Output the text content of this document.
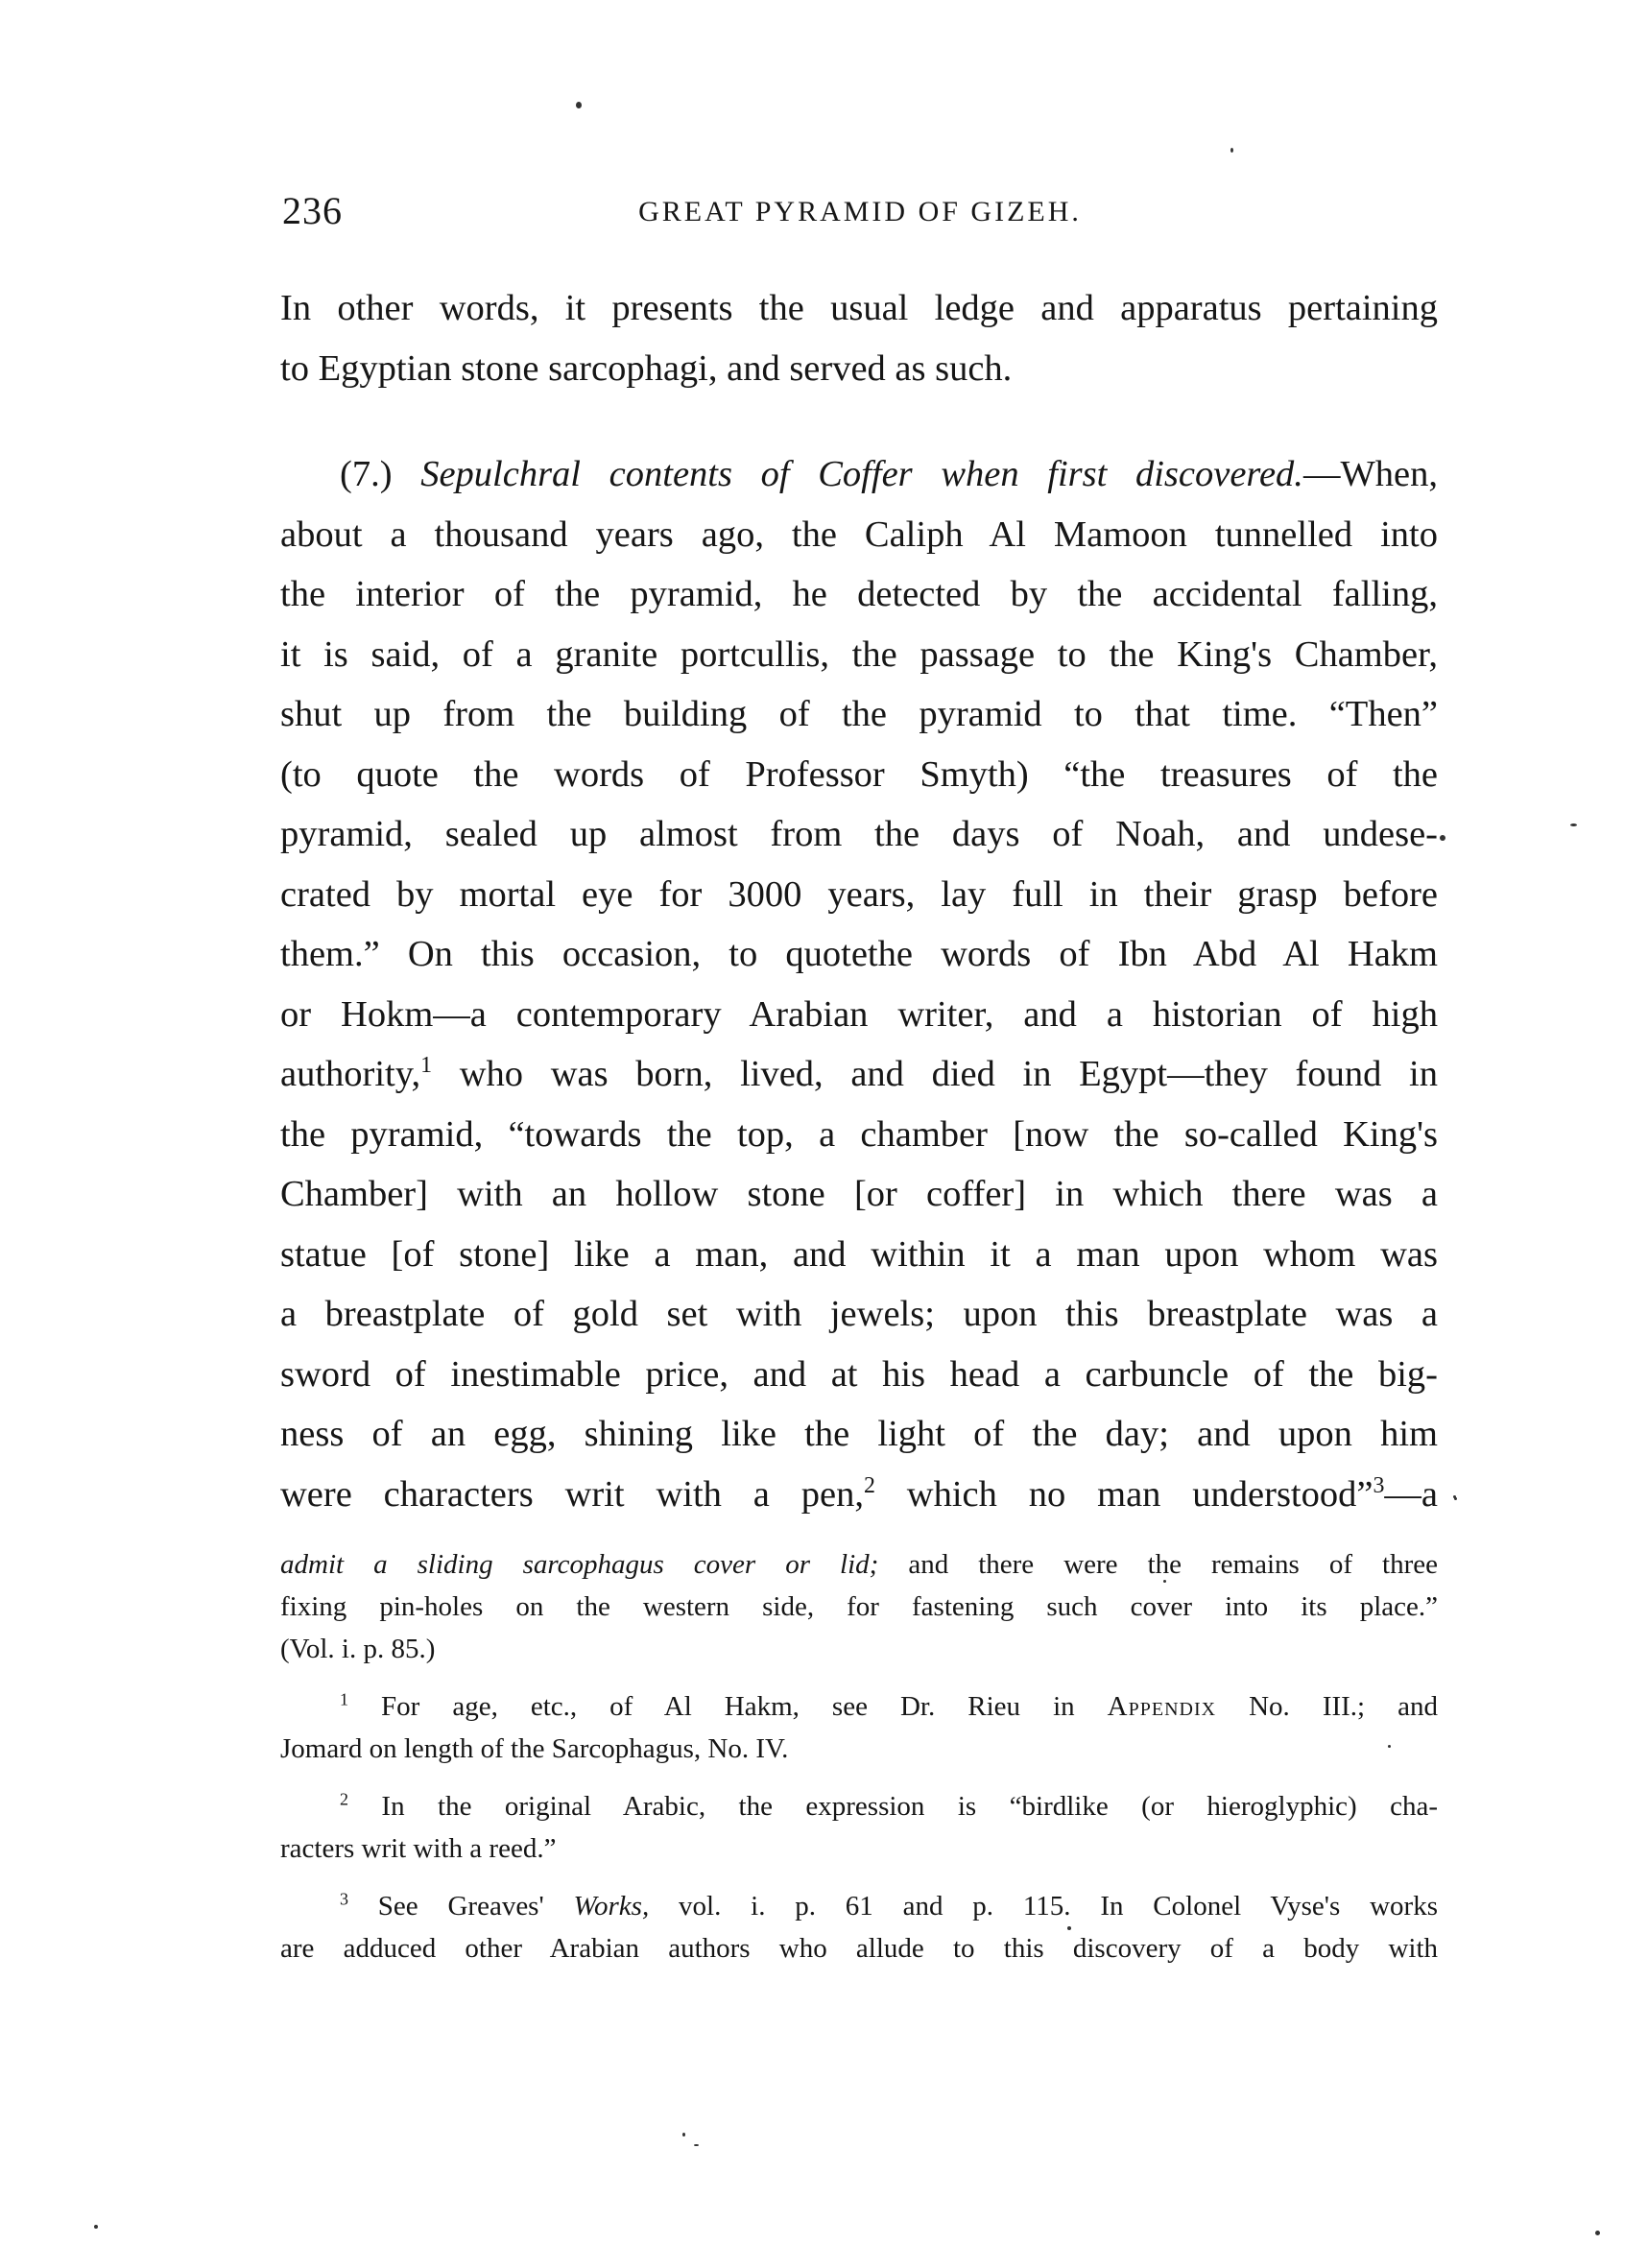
236	GREAT PYRAMID OF GIZEH.

In other words, it presents the usual ledge and apparatus pertaining

to Egyptian stone sarcophagi, and served as such.

(7.) Sepulchral contents of Coffer when first discovered.—When,

about a thousand years ago, the Caliph Al Mamoon tunnelled into

the interior of the pyramid, he detected by the accidental falling,

it is said, of a granite portcullis, the passage to the King's Chamber,

shut up from the building of the pyramid to that time. “Then”

(to quote the words of Professor Smyth) “the treasures of the

pyramid, sealed up almost from the days of Noah, and undese-

crated by mortal eye for 3000 years, lay full in their grasp before

them.” On this occasion, to quotethe words of Ibn Abd Al Hakm

or Hokm—a contemporary Arabian writer, and a historian of high

authority,$^1$ who was born, lived, and died in Egypt—they found in

the pyramid, “towards the top, a chamber [now the so-called King's

Chamber] with an hollow stone [or coffer] in which there was a

statue [of stone] like a man, and within it a man upon whom was

a breastplate of gold set with jewels; upon this breastplate was a

sword of inestimable price, and at his head a carbuncle of the big-

ness of an egg, shining like the light of the day; and upon him

were characters writ with a pen,$^2$ which no man understood”$^3$—a

admit a sliding sarcophagus cover or lid; and there were the remains of three

fixing pin-holes on the western side, for fastening such cover into its place.”

(Vol. i. p. 85.)

$^1$ For age, etc., of Al Hakm, see Dr. Rieu in Appendix No. III.; and

Jomard on length of the Sarcophagus, No. IV.

$^2$ In the original Arabic, the expression is “birdlike (or hieroglyphic) cha-

racters writ with a reed.”

$^3$ See Greaves' Works, vol. i. p. 61 and p. 115. In Colonel Vyse's works

are adduced other Arabian authors who allude to this discovery of a body with
